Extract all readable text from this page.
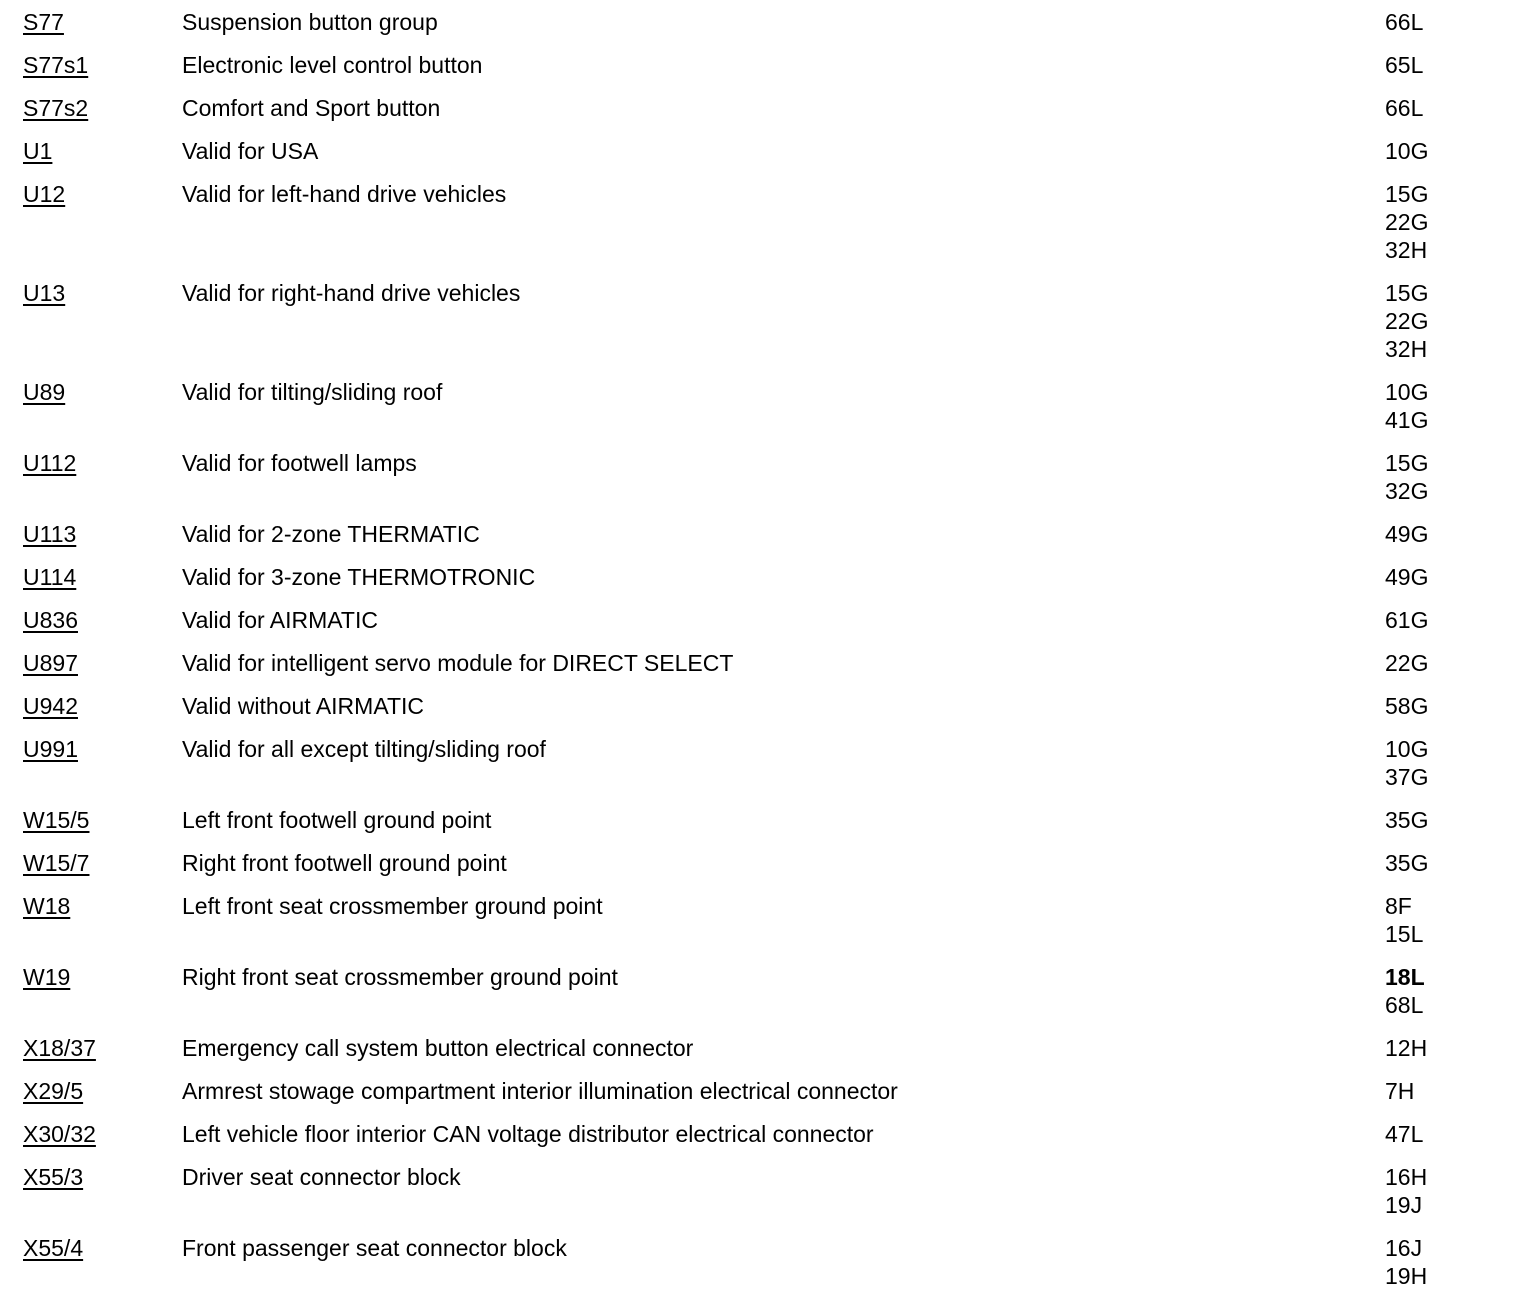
S77	Suspension button group	66L
S77s1	Electronic level control button	65L
S77s2	Comfort and Sport button	66L
U1	Valid for USA	10G
U12	Valid for left-hand drive vehicles	15G
22G
32H
U13	Valid for right-hand drive vehicles	15G
22G
32H
U89	Valid for tilting/sliding roof	10G
41G
U112	Valid for footwell lamps	15G
32G
U113	Valid for 2-zone THERMATIC	49G
U114	Valid for 3-zone THERMOTRONIC	49G
U836	Valid for AIRMATIC	61G
U897	Valid for intelligent servo module for DIRECT SELECT	22G
U942	Valid without AIRMATIC	58G
U991	Valid for all except tilting/sliding roof	10G
37G
W15/5	Left front footwell ground point	35G
W15/7	Right front footwell ground point	35G
W18	Left front seat crossmember ground point	8F
15L
W19	Right front seat crossmember ground point	18L
68L
X18/37	Emergency call system button electrical connector	12H
X29/5	Armrest stowage compartment interior illumination electrical connector	7H
X30/32	Left vehicle floor interior CAN voltage distributor electrical connector	47L
X55/3	Driver seat connector block	16H
19J
X55/4	Front passenger seat connector block	16J
19H
